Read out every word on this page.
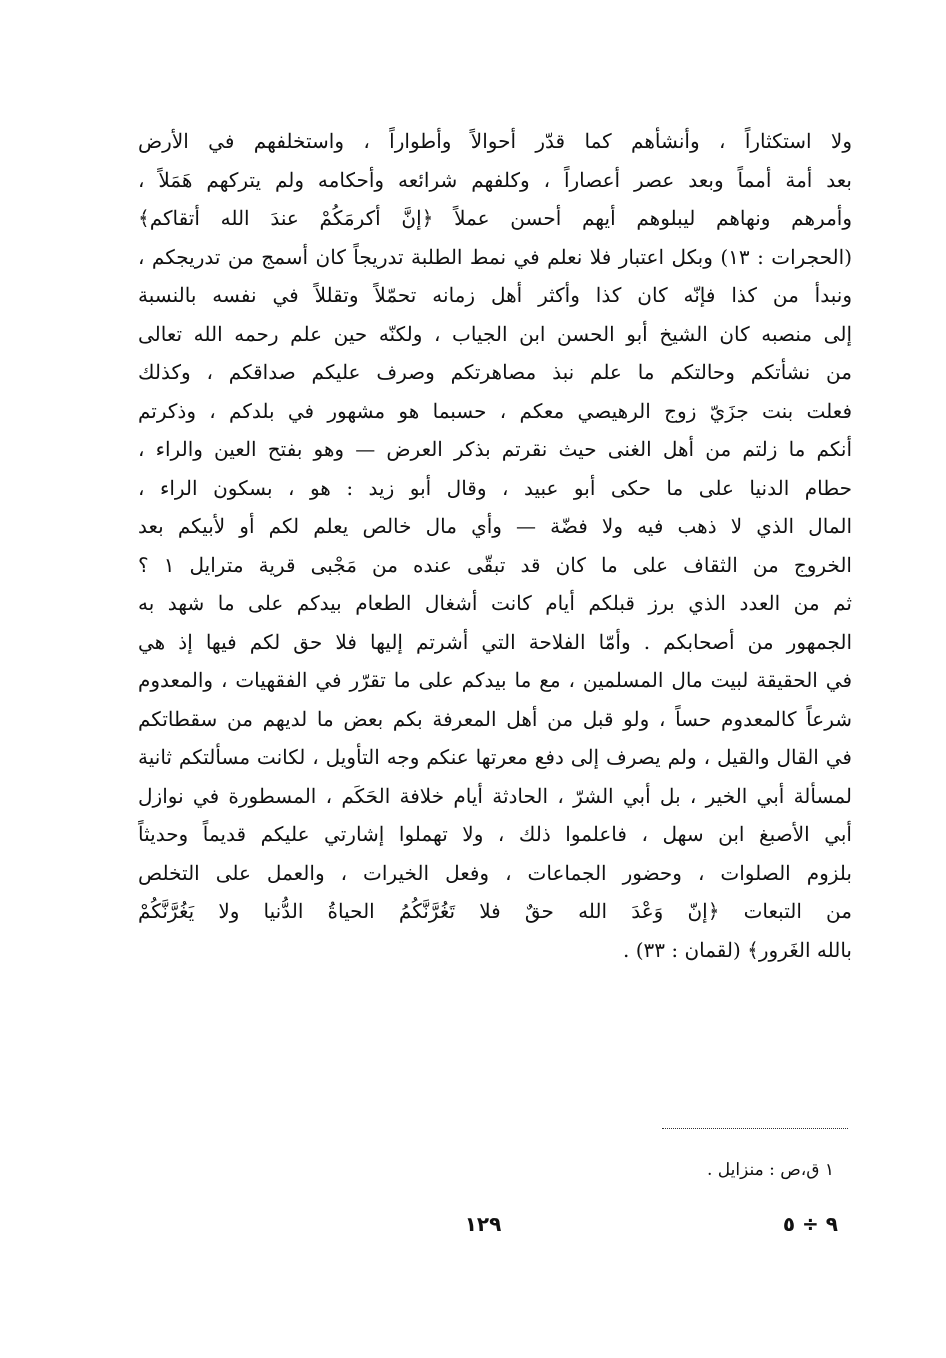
ولا استكثاراً ، وأنشأهم كما قدّر أحوالاً وأطواراً ، واستخلفهم في الأرض
بعد أمة أمماً وبعد عصر أعصاراً ، وكلفهم شرائعه وأحكامه ولم يتركهم هَمَلاً ،
وأمرهم ونهاهم ليبلوهم أيهم أحسن عملاً ﴿إنَّ أكرمَكُمْ عندَ الله أتقاكم﴾
(الحجرات : ١٣) وبكل اعتبار فلا نعلم في نمط الطلبة تدريجاً كان أسمج من تدريجكم ،
ونبدأ من كذا فإنّه كان كذا وأكثر أهل زمانه تحمّلاً وتقللاً في نفسه بالنسبة
إلى منصبه كان الشيخ أبو الحسن ابن الجياب ، ولكنّه حين علم رحمه الله تعالى
من نشأتكم وحالتكم ما علم نبذ مصاهرتكم وصرف عليكم صداقكم ، وكذلك
فعلت بنت جزَيّ زوج الرهيصي معكم ، حسبما هو مشهور في بلدكم ، وذكرتم
أنكم ما زلتم من أهل الغنى حيث نقرتم بذكر العرض — وهو بفتح العين والراء ،
حطام الدنيا على ما حكى أبو عبيد ، وقال أبو زيد : هو ، بسكون الراء ،
المال الذي لا ذهب فيه ولا فضّة — وأي مال خالص يعلم لكم أو لأبيكم بعد
الخروج من الثقاف على ما كان قد تبقّى عنده من مَجْبى قرية مترايل ١ ؟
ثم من العدد الذي برز قبلكم أيام كانت أشغال الطعام بيدكم على ما شهد به
الجمهور من أصحابكم . وأمّا الفلاحة التي أشرتم إليها فلا حق لكم فيها إذ هي
في الحقيقة لبيت مال المسلمين ، مع ما بيدكم على ما تقرّر في الفقهيات ، والمعدوم
شرعاً كالمعدوم حساً ، ولو قبل من أهل المعرفة بكم بعض ما لديهم من سقطاتكم
في القال والقيل ، ولم يصرف إلى دفع معرتها عنكم وجه التأويل ، لكانت مسألتكم ثانية
لمسألة أبي الخير ، بل أبي الشرّ ، الحادثة أيام خلافة الحَكَم ، المسطورة في نوازل
أبي الأصبغ ابن سهل ، فاعلموا ذلك ، ولا تهملوا إشارتي عليكم قديماً وحديثاً
بلزوم الصلوات ، وحضور الجماعات ، وفعل الخيرات ، والعمل على التخلص
من التبعات ﴿إنّ وَعْدَ الله حقٌ فلا تَغُرَّنَّكُمُ الحياةُ الدُّنيا ولا يَغُرَّنَّكُمْ
بالله الغَرور﴾ (لقمان : ٣٣) .
١ ق،ص : منزايل .
١٢٩	٩ ÷ ٥
